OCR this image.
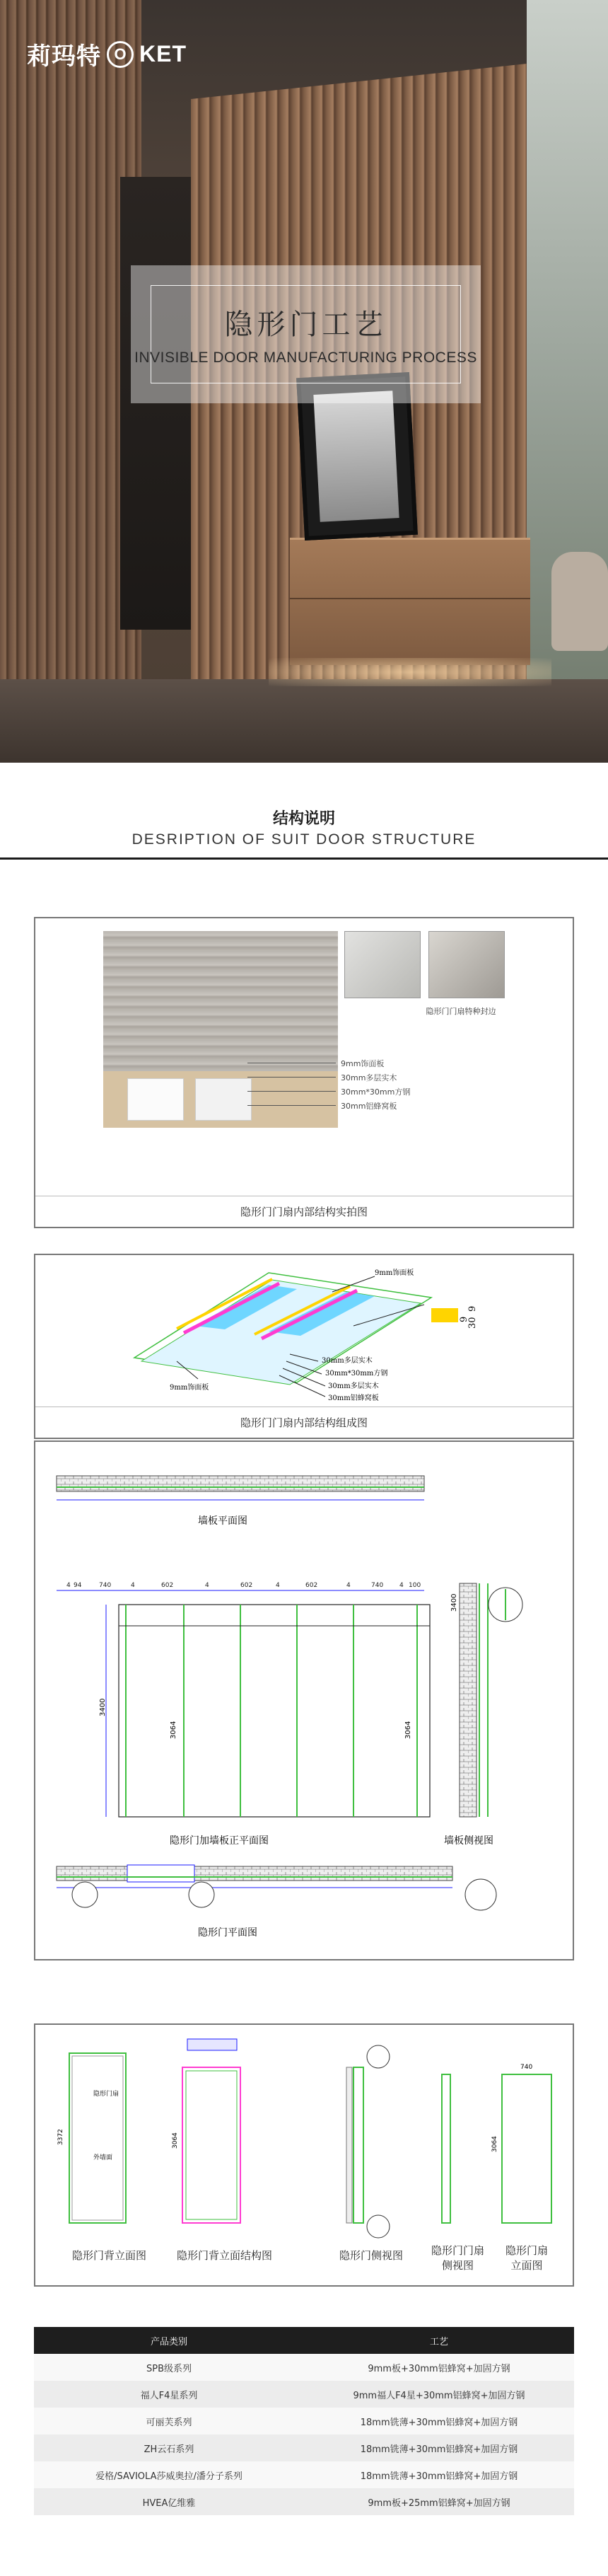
莉玛特 O KET
隐形门工艺
INVISIBLE DOOR MANUFACTURING PROCESS
结构说明
DESRIPTION OF SUIT DOOR STRUCTURE
隐形门门扇特种封边
9mm饰面板
30mm多层实木
30mm*30mm方钢
30mm铝蜂窝板
隐形门门扇内部结构实拍图
9mm饰面板
9mm饰面板
30mm多层实木
30mm*30mm方钢
30mm多层实木
30mm铝蜂窝板
9
30
9
隐形门门扇内部结构组成图
墙板平面图
4 94	740	4	602	4	602	4	602	4	740	4 100
3400
3064	3064
隐形门加墙板正平面图
3400
墙板侧视图
隐形门平面图
隐形门扇
外墙面
3372	3064
740
3064
隐形门背立面图	隐形门背立面结构图	隐形门侧视图	隐形门门扇
侧视图
隐形门扇
立面图
产品类别	工艺
SPB级系列	9mm板+30mm铝蜂窝+加固方钢
福人F4星系列	9mm福人F4星+30mm铝蜂窝+加固方钢
可丽芙系列	18mm铣薄+30mm铝蜂窝+加固方钢
ZH云石系列	18mm铣薄+30mm铝蜂窝+加固方钢
爱格/SAVIOLA莎威奥拉/潘分子系列	18mm铣薄+30mm铝蜂窝+加固方钢
HVEA亿维雅	9mm板+25mm铝蜂窝+加固方钢
